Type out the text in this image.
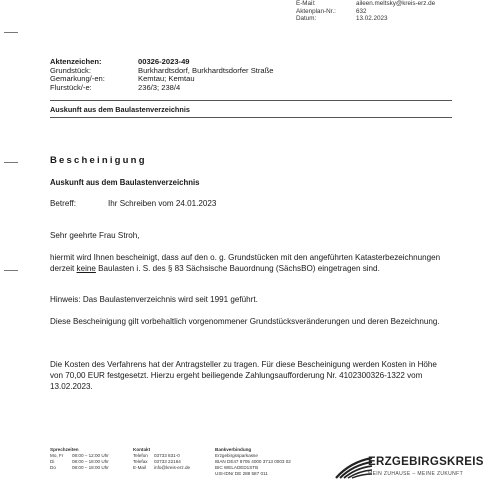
E-Mail:	aileen.meltsky@kreis-erz.de
Aktenplan-Nr.:	632
Datum:	13.02.2023
Aktenzeichen:	00326-2023-49
Grundstück:	Burkhardtsdorf, Burkhardtsdorfer Straße
Gemarkung/-en:	Kemtau; Kemtau
Flurstück/-e:	236/3; 238/4
Auskunft aus dem Baulastenverzeichnis
Bescheinigung
Auskunft aus dem Baulastenverzeichnis
Betreff:	Ihr Schreiben vom 24.01.2023
Sehr geehrte Frau Stroh,
hiermit wird Ihnen bescheinigt, dass auf den o. g. Grundstücken mit den angeführten Katasterbezeichnungen derzeit keine Baulasten i. S. des § 83 Sächsische Bauordnung (SächsBO) eingetragen sind.
Hinweis: Das Baulastenverzeichnis wird seit 1991 geführt.
Diese Bescheinigung gilt vorbehaltlich vorgenommener Grundstücksveränderungen und deren Bezeichnung.
Die Kosten des Verfahrens hat der Antragsteller zu tragen. Für diese Bescheinigung werden Kosten in Höhe von 70,00 EUR festgesetzt. Hierzu ergeht beiliegende Zahlungsaufforderung Nr. 4102300326-1322 vom 13.02.2023.
Sprechzeiten
Mo, Fr	08:00 – 12:00 Uhr
Di	08:00 – 18:00 Uhr
Do	08:00 – 18:00 Uhr
Kontakt
Telefon	03733 831-0
Telefax	03733 22164
E-Mail	info@kreis-erz.de
Bankverbindung
Erzgebirgssparkasse
IBAN DE47 8705 4000 3713 0003 02
BIC WELADED1STB
USt-IDNr DE 288 587 011
ERZGEBIRGSKREIS
MEIN ZUHAUSE – MEINE ZUKUNFT
